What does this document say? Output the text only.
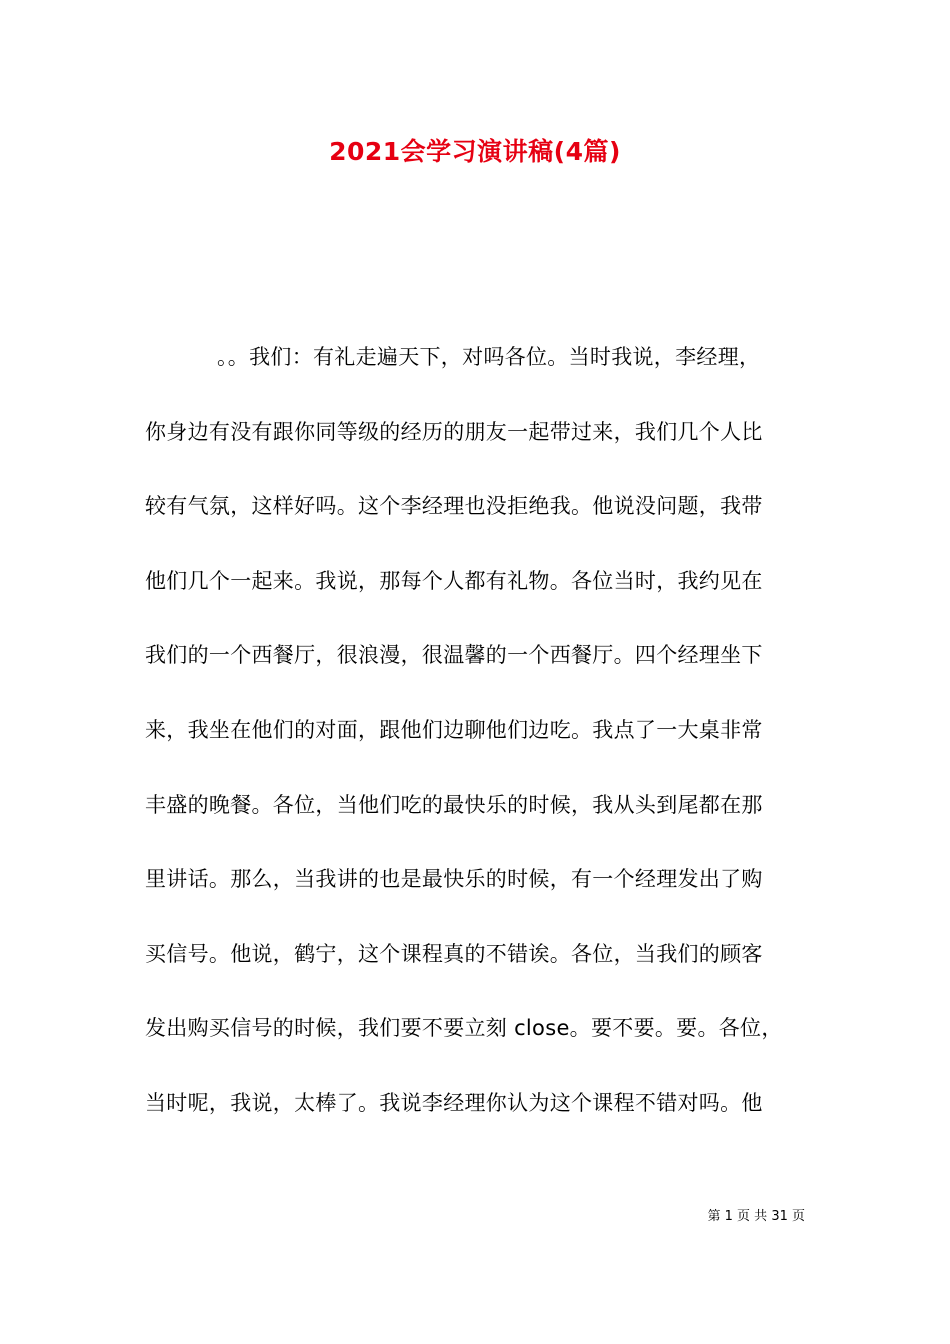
2021会学习演讲稿(4篇)
。。我们：有礼走遍天下，对吗各位。当时我说，李经理，
你身边有没有跟你同等级的经历的朋友一起带过来，我们几个人比
较有气氛，这样好吗。这个李经理也没拒绝我。他说没问题，我带
他们几个一起来。我说，那每个人都有礼物。各位当时，我约见在
我们的一个西餐厅，很浪漫，很温馨的一个西餐厅。四个经理坐下
来，我坐在他们的对面，跟他们边聊他们边吃。我点了一大桌非常
丰盛的晚餐。各位，当他们吃的最快乐的时候，我从头到尾都在那
里讲话。那么，当我讲的也是最快乐的时候，有一个经理发出了购
买信号。他说，鹤宁，这个课程真的不错诶。各位，当我们的顾客
发出购买信号的时候，我们要不要立刻 close。要不要。要。各位，
当时呢，我说，太棒了。我说李经理你认为这个课程不错对吗。他
第 1 页 共 31 页
